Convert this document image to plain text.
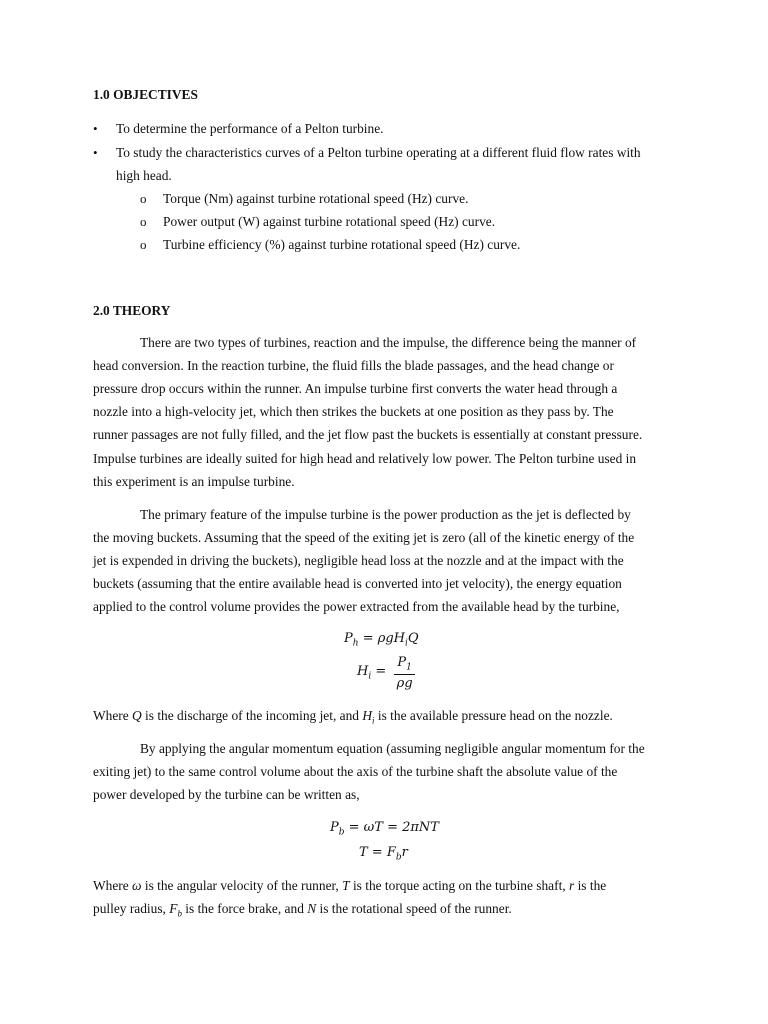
1.0 OBJECTIVES
• To determine the performance of a Pelton turbine.
• To study the characteristics curves of a Pelton turbine operating at a different fluid flow rates with
high head.
o Torque (Nm) against turbine rotational speed (Hz) curve.
o Power output (W) against turbine rotational speed (Hz) curve.
o Turbine efficiency (%) against turbine rotational speed (Hz) curve.
2.0 THEORY
There are two types of turbines, reaction and the impulse, the difference being the manner of
head conversion. In the reaction turbine, the fluid fills the blade passages, and the head change or
pressure drop occurs within the runner. An impulse turbine first converts the water head through a
nozzle into a high-velocity jet, which then strikes the buckets at one position as they pass by. The
runner passages are not fully filled, and the jet flow past the buckets is essentially at constant pressure.
Impulse turbines are ideally suited for high head and relatively low power. The Pelton turbine used in
this experiment is an impulse turbine.
The primary feature of the impulse turbine is the power production as the jet is deflected by
the moving buckets. Assuming that the speed of the exiting jet is zero (all of the kinetic energy of the
jet is expended in driving the buckets), negligible head loss at the nozzle and at the impact with the
buckets (assuming that the entire available head is converted into jet velocity), the energy equation
applied to the control volume provides the power extracted from the available head by the turbine,
$P_h = \rho gH_iQ$
$H_i = \frac{P_1}{\rho g}$
Where Q is the discharge of the incoming jet, and $H_i$ is the available pressure head on the nozzle.
By applying the angular momentum equation (assuming negligible angular momentum for the
exiting jet) to the same control volume about the axis of the turbine shaft the absolute value of the
power developed by the turbine can be written as,
$P_b = \omega T = 2\pi NT$
$T = F_br$
Where ω is the angular velocity of the runner, T is the torque acting on the turbine shaft, r is the
pulley radius, $F_b$ is the force brake, and N is the rotational speed of the runner.
